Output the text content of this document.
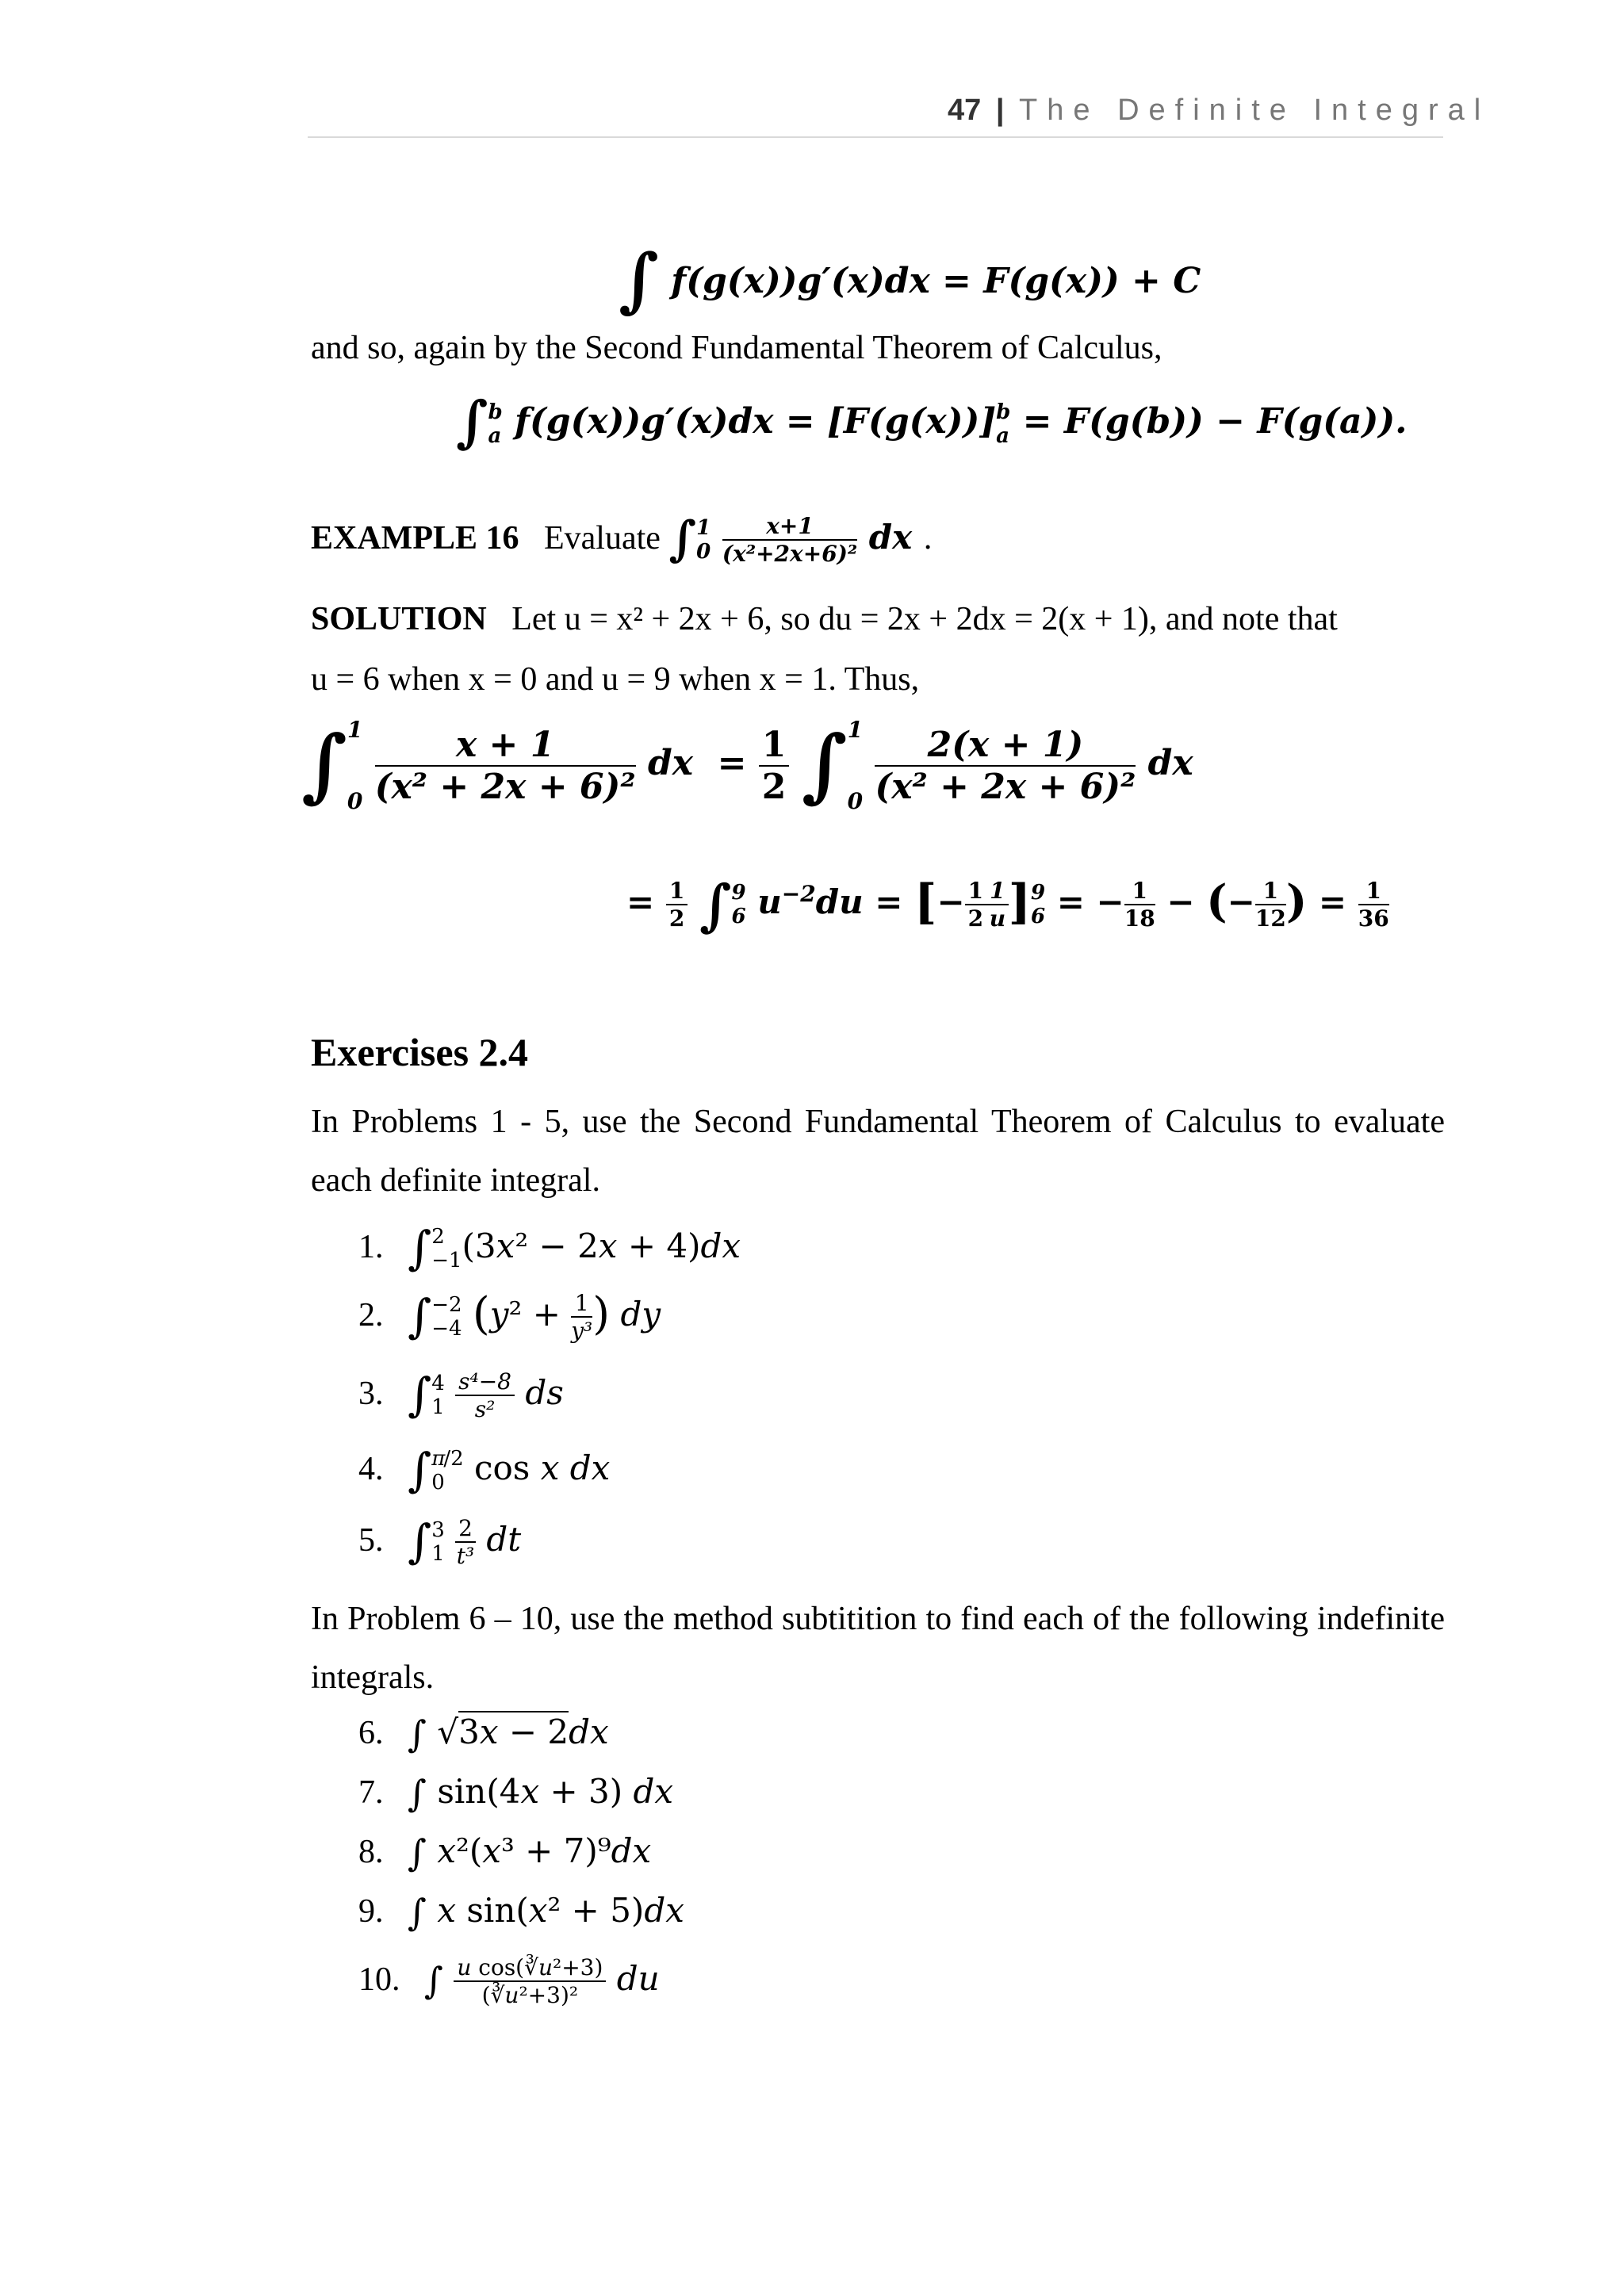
47 | The Definite Integral
∫ f(g(x))g′(x)dx = F(g(x)) + C
and so, again by the Second Fundamental Theorem of Calculus,
∫ b
a f(g(x))g′(x)dx = [F(g(x))] b
a = F(g(b)) − F(g(a)).
EXAMPLE 16 Evaluate ∫ 1
0
$\frac{x+1}{\text{(x²+2x+6)²}}$ dx .
SOLUTION Let u = x² + 2x + 6, so du = 2x + 2dx = 2(x + 1), and note that
u = 6 when x = 0 and u = 9 when x = 1. Thus,
∫ 1
0
$\frac{x + 1}{\text{(x² + 2x + 6)²}}$ dx  = $\frac{1}{2}$ ∫ 1
0
$\frac{2(x + 1)}{\text{(x² + 2x + 6)²}}$ dx
= $\frac{1}{2}$ ∫ 9
6 $u^{-2}du$ = [− $\frac{1}{2} \frac{1}{u}$ ] 9
6 = − $\frac{1}{18}$ − (− $\frac{1}{12}$ ) = $\frac{1}{36}$
Exercises 2.4
In Problems 1 - 5, use the Second Fundamental Theorem of Calculus to evaluate each definite integral.
1. ∫ 2
−1 (3x² − 2x + 4)dx
2. ∫ −2
−4 ($y^2 + \frac{1}{\text{y³}}$ ) dy
3. ∫ 4
1
$\frac{\text{s⁴−8}}{\text{s²}}$ ds
4. ∫ π
0
/2
cos x dx
5. ∫ 3
1
$\frac{2}{\text{t³}}$ dt
In Problem 6 – 10, use the method subtitition to find each of the following indefinite integrals.
6. ∫ √3x − 2dx
7. ∫ sin(4x + 3) dx
8. ∫ x²(x³ + 7)⁹dx
9. ∫ x sin(x² + 5)dx
10. ∫ $\frac{\text{u cos(∛u²+3)}}{\text{(∛u²+3)²}}$ du
